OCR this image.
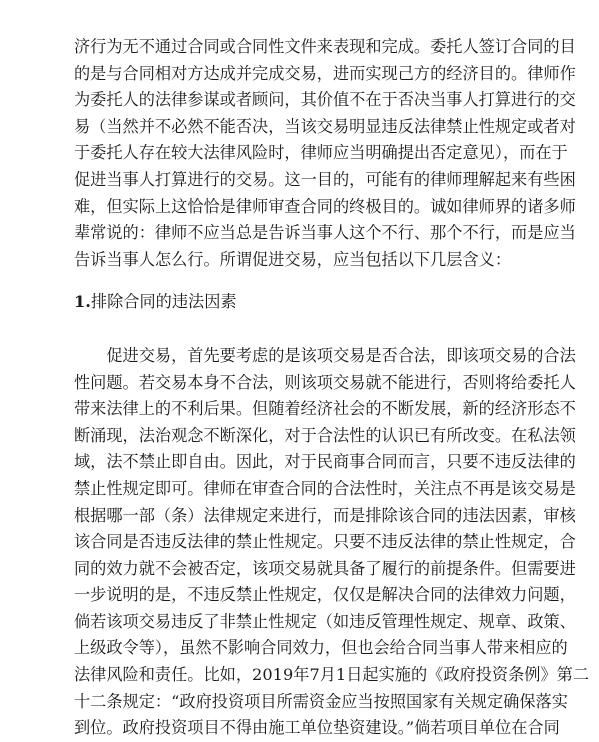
济行为无不通过合同或合同性文件来表现和完成。委托人签订合同的目
的是与合同相对方达成并完成交易，进而实现己方的经济目的。律师作
为委托人的法律参谋或者顾问，其价值不在于否决当事人打算进行的交
易（当然并不必然不能否决，当该交易明显违反法律禁止性规定或者对
于委托人存在较大法律风险时，律师应当明确提出否定意见），而在于
促进当事人打算进行的交易。这一目的，可能有的律师理解起来有些困
难，但实际上这恰恰是律师审查合同的终极目的。诚如律师界的诸多师
辈常说的：律师不应当总是告诉当事人这个不行、那个不行，而是应当
告诉当事人怎么行。所谓促进交易，应当包括以下几层含义：
1.排除合同的违法因素
　　促进交易，首先要考虑的是该项交易是否合法，即该项交易的合法
性问题。若交易本身不合法，则该项交易就不能进行，否则将给委托人
带来法律上的不利后果。但随着经济社会的不断发展，新的经济形态不
断涌现，法治观念不断深化，对于合法性的认识已有所改变。在私法领
域，法不禁止即自由。因此，对于民商事合同而言，只要不违反法律的
禁止性规定即可。律师在审查合同的合法性时，关注点不再是该交易是
根据哪一部（条）法律规定来进行，而是排除该合同的违法因素，审核
该合同是否违反法律的禁止性规定。只要不违反法律的禁止性规定，合
同的效力就不会被否定，该项交易就具备了履行的前提条件。但需要进
一步说明的是，不违反禁止性规定，仅仅是解决合同的法律效力问题，
倘若该项交易违反了非禁止性规定（如违反管理性规定、规章、政策、
上级政令等），虽然不影响合同效力，但也会给合同当事人带来相应的
法律风险和责任。比如，2019年7月1日起实施的《政府投资条例》第二
十二条规定：“政府投资项目所需资金应当按照国家有关规定确保落实
到位。政府投资项目不得由施工单位垫资建设。”倘若项目单位在合同
